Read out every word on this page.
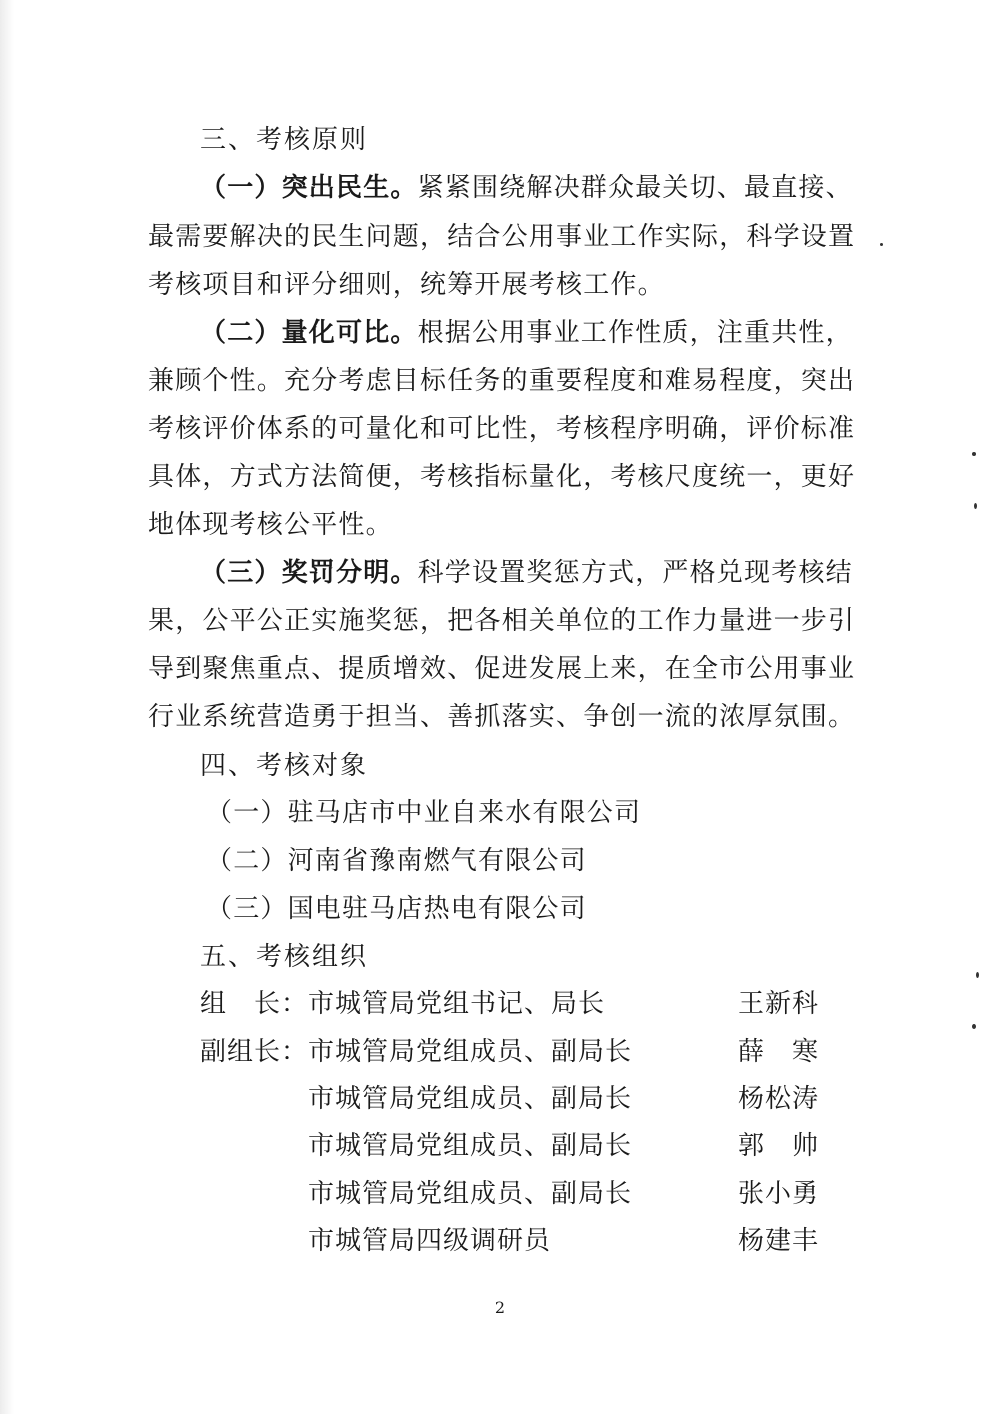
三、考核原则
（一）突出民生。紧紧围绕解决群众最关切、最直接、
最需要解决的民生问题，结合公用事业工作实际，科学设置
考核项目和评分细则，统筹开展考核工作。
（二）量化可比。根据公用事业工作性质，注重共性，
兼顾个性。充分考虑目标任务的重要程度和难易程度，突出
考核评价体系的可量化和可比性，考核程序明确，评价标准
具体，方式方法简便，考核指标量化，考核尺度统一，更好
地体现考核公平性。
（三）奖罚分明。科学设置奖惩方式，严格兑现考核结
果，公平公正实施奖惩，把各相关单位的工作力量进一步引
导到聚焦重点、提质增效、促进发展上来，在全市公用事业
行业系统营造勇于担当、善抓落实、争创一流的浓厚氛围。
四、考核对象
（一）驻马店市中业自来水有限公司
（二）河南省豫南燃气有限公司
（三）国电驻马店热电有限公司
五、考核组织
组　长： 市城管局党组书记、局长	王新科
副组长： 市城管局党组成员、副局长	薛　寒
市城管局党组成员、副局长	杨松涛
市城管局党组成员、副局长	郭　帅
市城管局党组成员、副局长	张小勇
市城管局四级调研员	杨建丰
2
